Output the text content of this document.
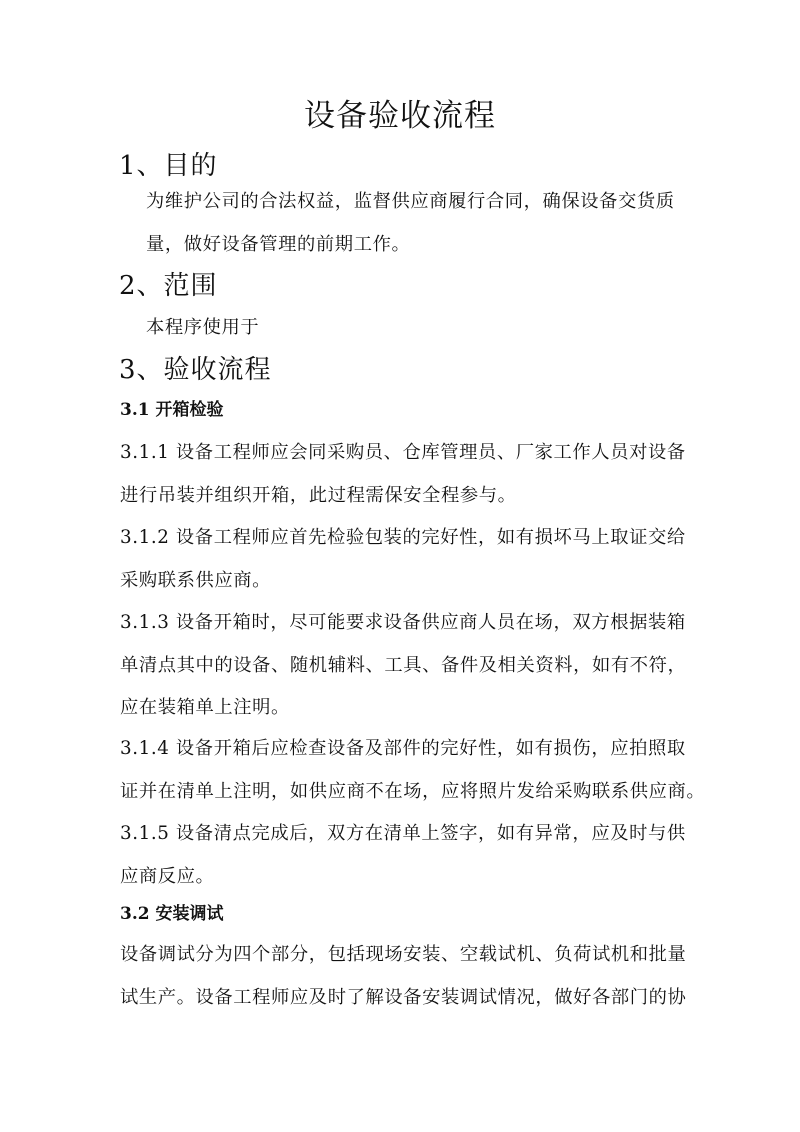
设备验收流程
1、目的
为维护公司的合法权益，监督供应商履行合同，确保设备交货质
量，做好设备管理的前期工作。
2、范围
本程序使用于
3、验收流程
3.1 开箱检验
3.1.1 设备工程师应会同采购员、仓库管理员、厂家工作人员对设备
进行吊装并组织开箱，此过程需保安全程参与。
3.1.2 设备工程师应首先检验包装的完好性，如有损坏马上取证交给
采购联系供应商。
3.1.3 设备开箱时，尽可能要求设备供应商人员在场，双方根据装箱
单清点其中的设备、随机辅料、工具、备件及相关资料，如有不符，
应在装箱单上注明。
3.1.4 设备开箱后应检查设备及部件的完好性，如有损伤，应拍照取
证并在清单上注明，如供应商不在场，应将照片发给采购联系供应商。
3.1.5 设备清点完成后，双方在清单上签字，如有异常，应及时与供
应商反应。
3.2 安装调试
设备调试分为四个部分，包括现场安装、空载试机、负荷试机和批量
试生产。设备工程师应及时了解设备安装调试情况，做好各部门的协
